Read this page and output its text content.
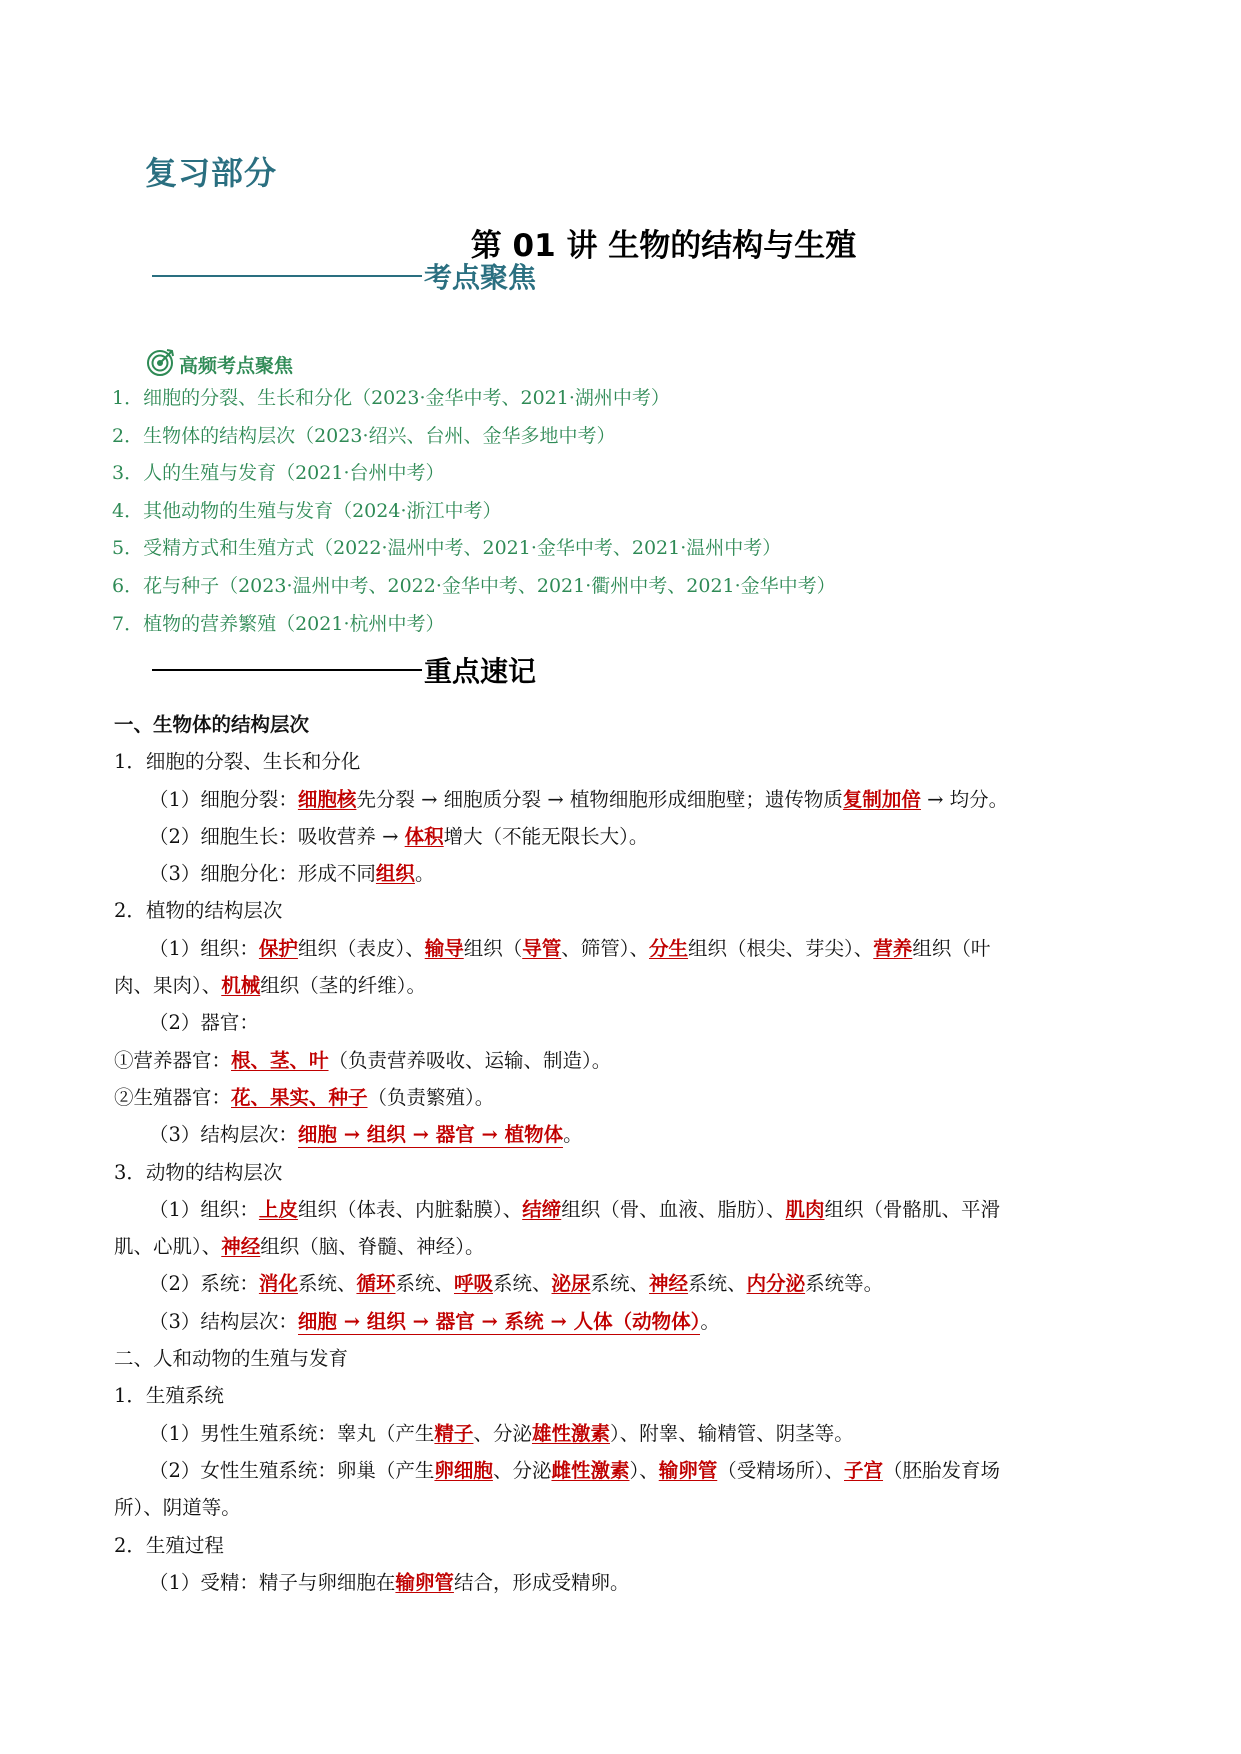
复习部分
第 01 讲 生物的结构与生殖
考点聚焦
高频考点聚焦
1．细胞的分裂、生长和分化（2023·金华中考、2021·湖州中考）
2．生物体的结构层次（2023·绍兴、台州、金华多地中考）
3．人的生殖与发育（2021·台州中考）
4．其他动物的生殖与发育（2024·浙江中考）
5．受精方式和生殖方式（2022·温州中考、2021·金华中考、2021·温州中考）
6．花与种子（2023·温州中考、2022·金华中考、2021·衢州中考、2021·金华中考）
7．植物的营养繁殖（2021·杭州中考）
重点速记
一、生物体的结构层次
1．细胞的分裂、生长和分化
（1）细胞分裂：细胞核先分裂 → 细胞质分裂 → 植物细胞形成细胞壁；遗传物质复制加倍 → 均分。
（2）细胞生长：吸收营养 → 体积增大（不能无限长大）。
（3）细胞分化：形成不同组织。
2．植物的结构层次
（1）组织：保护组织（表皮）、输导组织（导管、筛管）、分生组织（根尖、芽尖）、营养组织（叶
肉、果肉）、机械组织（茎的纤维）。
（2）器官：
①营养器官：根、茎、叶（负责营养吸收、运输、制造）。
②生殖器官：花、果实、种子（负责繁殖）。
（3）结构层次：细胞 → 组织 → 器官 → 植物体。
3．动物的结构层次
（1）组织：上皮组织（体表、内脏黏膜）、结缔组织（骨、血液、脂肪）、肌肉组织（骨骼肌、平滑
肌、心肌）、神经组织（脑、脊髓、神经）。
（2）系统：消化系统、循环系统、呼吸系统、泌尿系统、神经系统、内分泌系统等。
（3）结构层次：细胞 → 组织 → 器官 → 系统 → 人体（动物体）。
二、人和动物的生殖与发育
1．生殖系统
（1）男性生殖系统：睾丸（产生精子、分泌雄性激素）、附睾、输精管、阴茎等。
（2）女性生殖系统：卵巢（产生卵细胞、分泌雌性激素）、输卵管（受精场所）、子宫（胚胎发育场
所）、阴道等。
2．生殖过程
（1）受精：精子与卵细胞在输卵管结合，形成受精卵。
